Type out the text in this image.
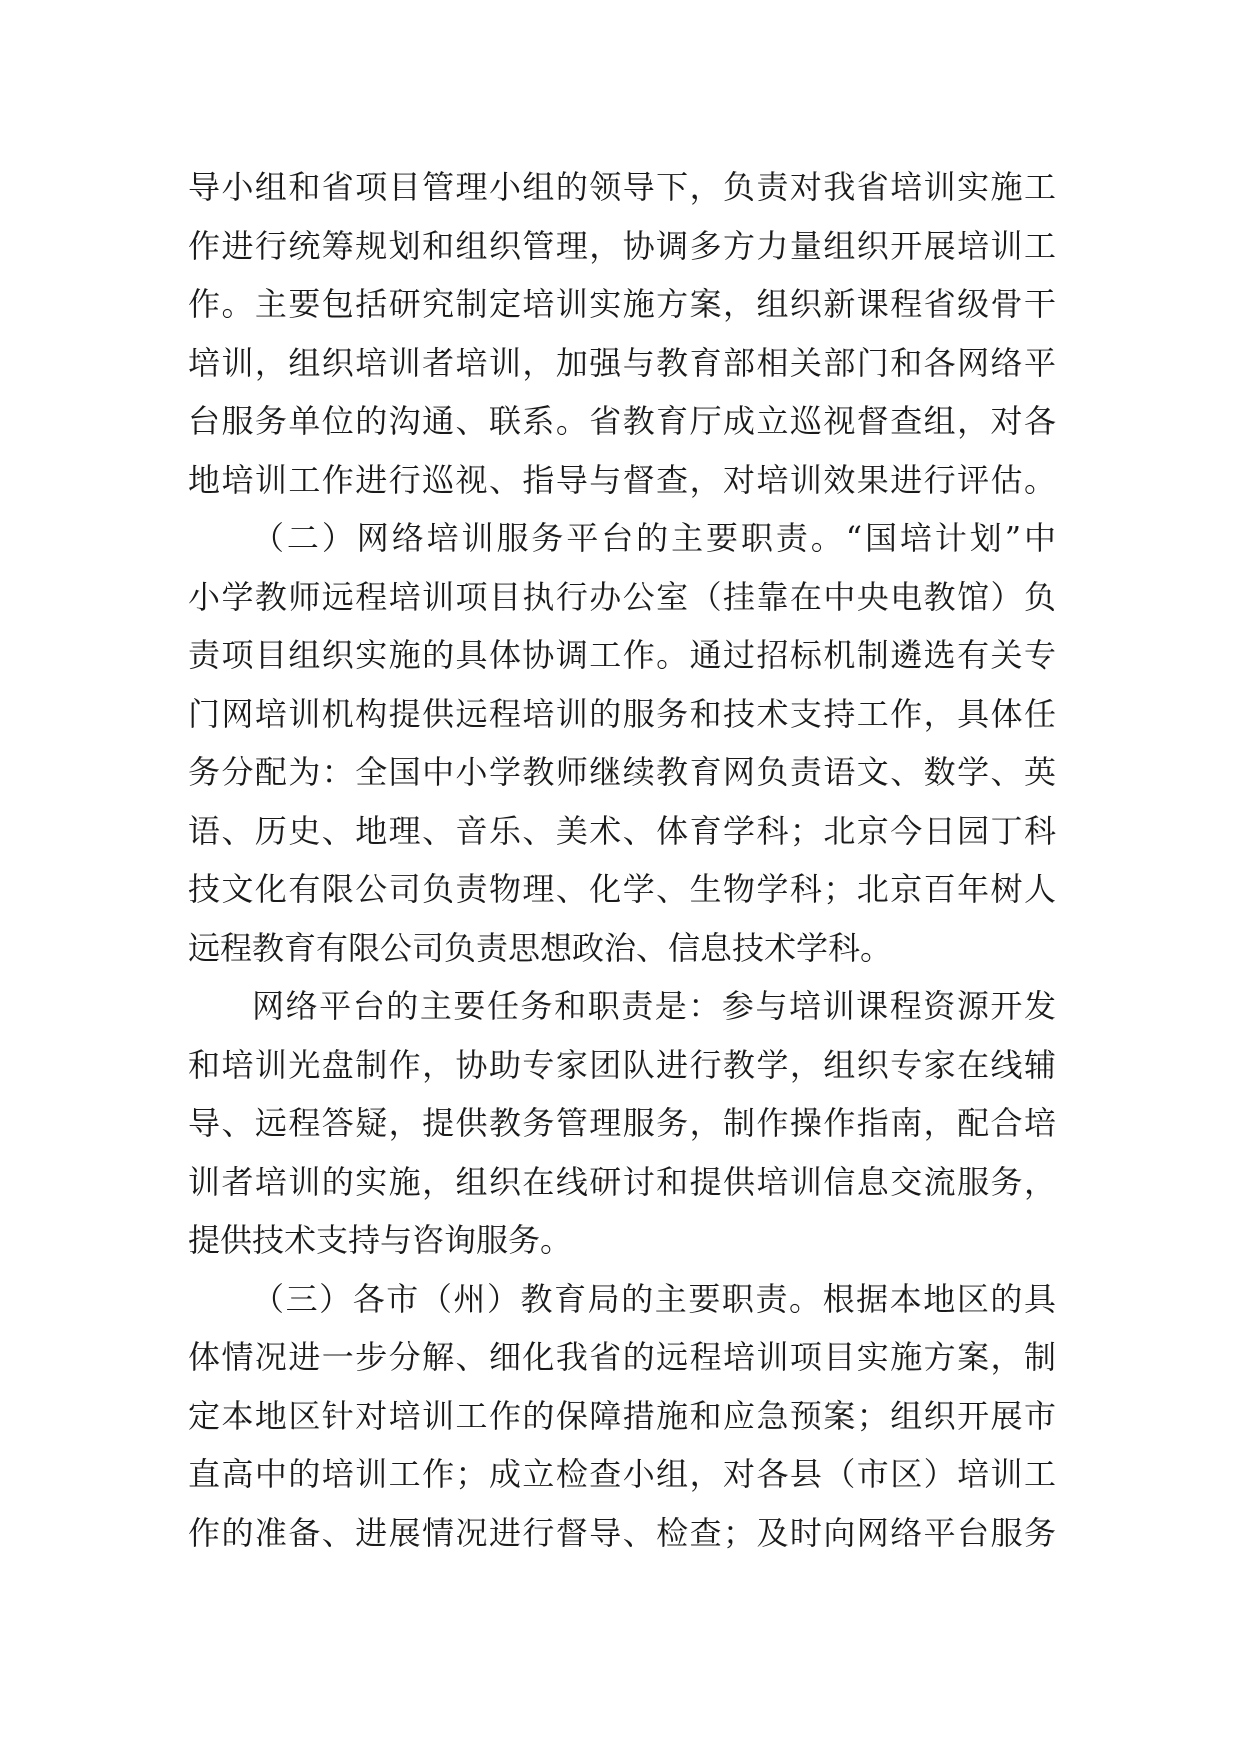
导小组和省项目管理小组的领导下，负责对我省培训实施工
作进行统筹规划和组织管理，协调多方力量组织开展培训工
作。主要包括研究制定培训实施方案，组织新课程省级骨干
培训，组织培训者培训，加强与教育部相关部门和各网络平
台服务单位的沟通、联系。省教育厅成立巡视督查组，对各
地培训工作进行巡视、指导与督查，对培训效果进行评估。
（二）网络培训服务平台的主要职责。“国培计划”中
小学教师远程培训项目执行办公室（挂靠在中央电教馆）负
责项目组织实施的具体协调工作。通过招标机制遴选有关专
门网培训机构提供远程培训的服务和技术支持工作，具体任
务分配为：全国中小学教师继续教育网负责语文、数学、英
语、历史、地理、音乐、美术、体育学科；北京今日园丁科
技文化有限公司负责物理、化学、生物学科；北京百年树人
远程教育有限公司负责思想政治、信息技术学科。
网络平台的主要任务和职责是：参与培训课程资源开发
和培训光盘制作，协助专家团队进行教学，组织专家在线辅
导、远程答疑，提供教务管理服务，制作操作指南，配合培
训者培训的实施，组织在线研讨和提供培训信息交流服务，
提供技术支持与咨询服务。
（三）各市（州）教育局的主要职责。根据本地区的具
体情况进一步分解、细化我省的远程培训项目实施方案，制
定本地区针对培训工作的保障措施和应急预案；组织开展市
直高中的培训工作；成立检查小组，对各县（市区）培训工
作的准备、进展情况进行督导、检查；及时向网络平台服务
